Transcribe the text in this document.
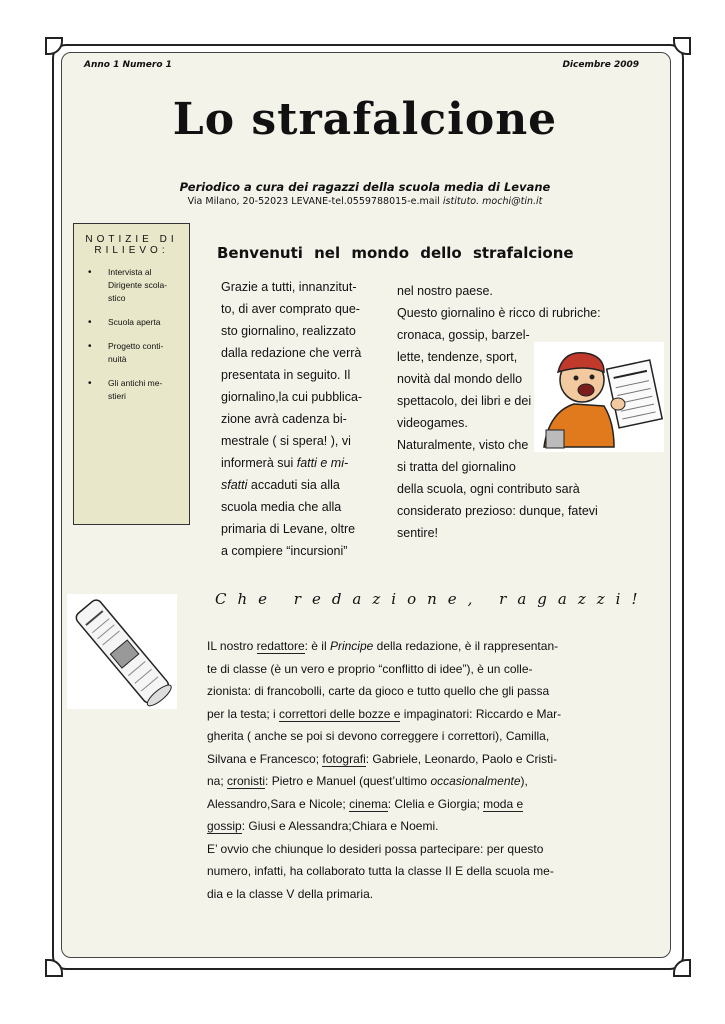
Anno 1 Numero 1	Dicembre 2009
Lo strafalcione
Periodico a cura dei ragazzi della scuola media di Levane
Via Milano, 20-52023 LEVANE-tel.0559788015-e.mail istituto. mochi@tin.it
NOTIZIE DI RILIEVO:
• Intervista al Dirigente scola-stico
• Scuola aperta
• Progetto conti-nuità
• Gli antichi me-stieri
Benvenuti nel mondo dello strafalcione
Grazie a tutti, innanzitut-
to, di aver comprato que-
sto giornalino, realizzato
dalla redazione che verrà
presentata in seguito. Il
giornalino,la cui pubblica-
zione avrà cadenza bi-
mestrale ( si spera! ), vi
informerà sui fatti e mi-
sfatti accaduti sia alla
scuola media che alla
primaria di Levane, oltre
a compiere “incursioni”
nel nostro paese.
Questo giornalino è ricco di rubriche:
cronaca, gossip, barzel-
lette, tendenze, sport,
novità dal mondo dello
spettacolo, dei libri e dei
videogames.
Naturalmente, visto che
si tratta del giornalino
della scuola, ogni contributo sarà
considerato prezioso: dunque, fatevi
sentire!
Che redazione, ragazzi!
IL nostro redattore: è il Principe della redazione, è il rappresentan-
te di classe (è un vero e proprio “conflitto di idee”), è un colle-
zionista: di francobolli, carte da gioco e tutto quello che gli passa
per la testa; i correttori delle bozze e impaginatori: Riccardo e Mar-
gherita ( anche se poi si devono correggere i correttori), Camilla,
Silvana e Francesco; fotografi: Gabriele, Leonardo, Paolo e Cristi-
na; cronisti: Pietro e Manuel (quest’ultimo occasionalmente),
Alessandro,Sara e Nicole; cinema: Clelia e Giorgia; moda e
gossip: Giusi e Alessandra;Chiara e Noemi.
E’ ovvio che chiunque lo desideri possa partecipare: per questo
numero, infatti, ha collaborato tutta la classe II E della scuola me-
dia e la classe V della primaria.
